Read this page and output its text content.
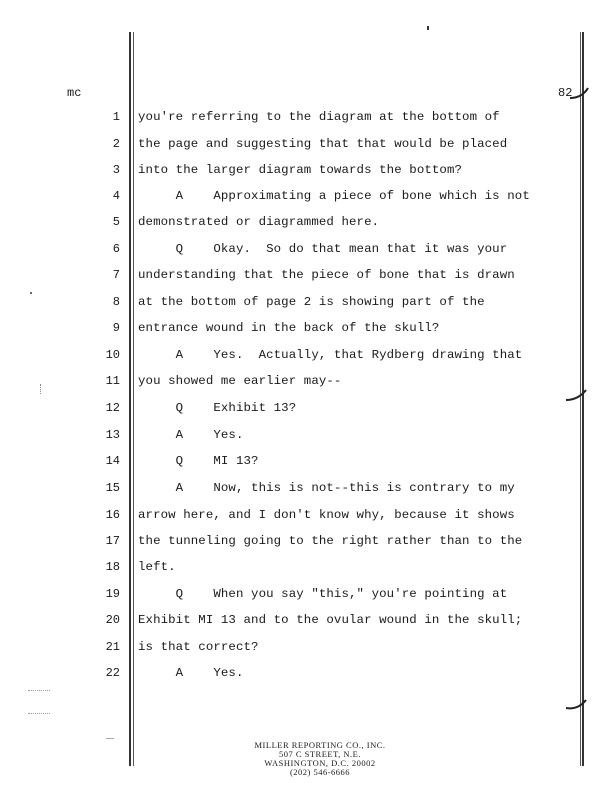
mc	82
1 you're referring to the diagram at the bottom of
2 the page and suggesting that that would be placed
3 into the larger diagram towards the bottom?
4 A    Approximating a piece of bone which is not
5 demonstrated or diagrammed here.
6 Q    Okay.  So do that mean that it was your
7 understanding that the piece of bone that is drawn
8 at the bottom of page 2 is showing part of the
9 entrance wound in the back of the skull?
10 A    Yes.  Actually, that Rydberg drawing that
11 you showed me earlier may--
12 Q    Exhibit 13?
13 A    Yes.
14 Q    MI 13?
15 A    Now, this is not--this is contrary to my
16 arrow here, and I don't know why, because it shows
17 the tunneling going to the right rather than to the
18 left.
19 Q    When you say "this," you're pointing at
20 Exhibit MI 13 and to the ovular wound in the skull;
21 is that correct?
22 A    Yes.
MILLER REPORTING CO., INC.
507 C STREET, N.E.
WASHINGTON, D.C. 20002
(202) 546-6666
